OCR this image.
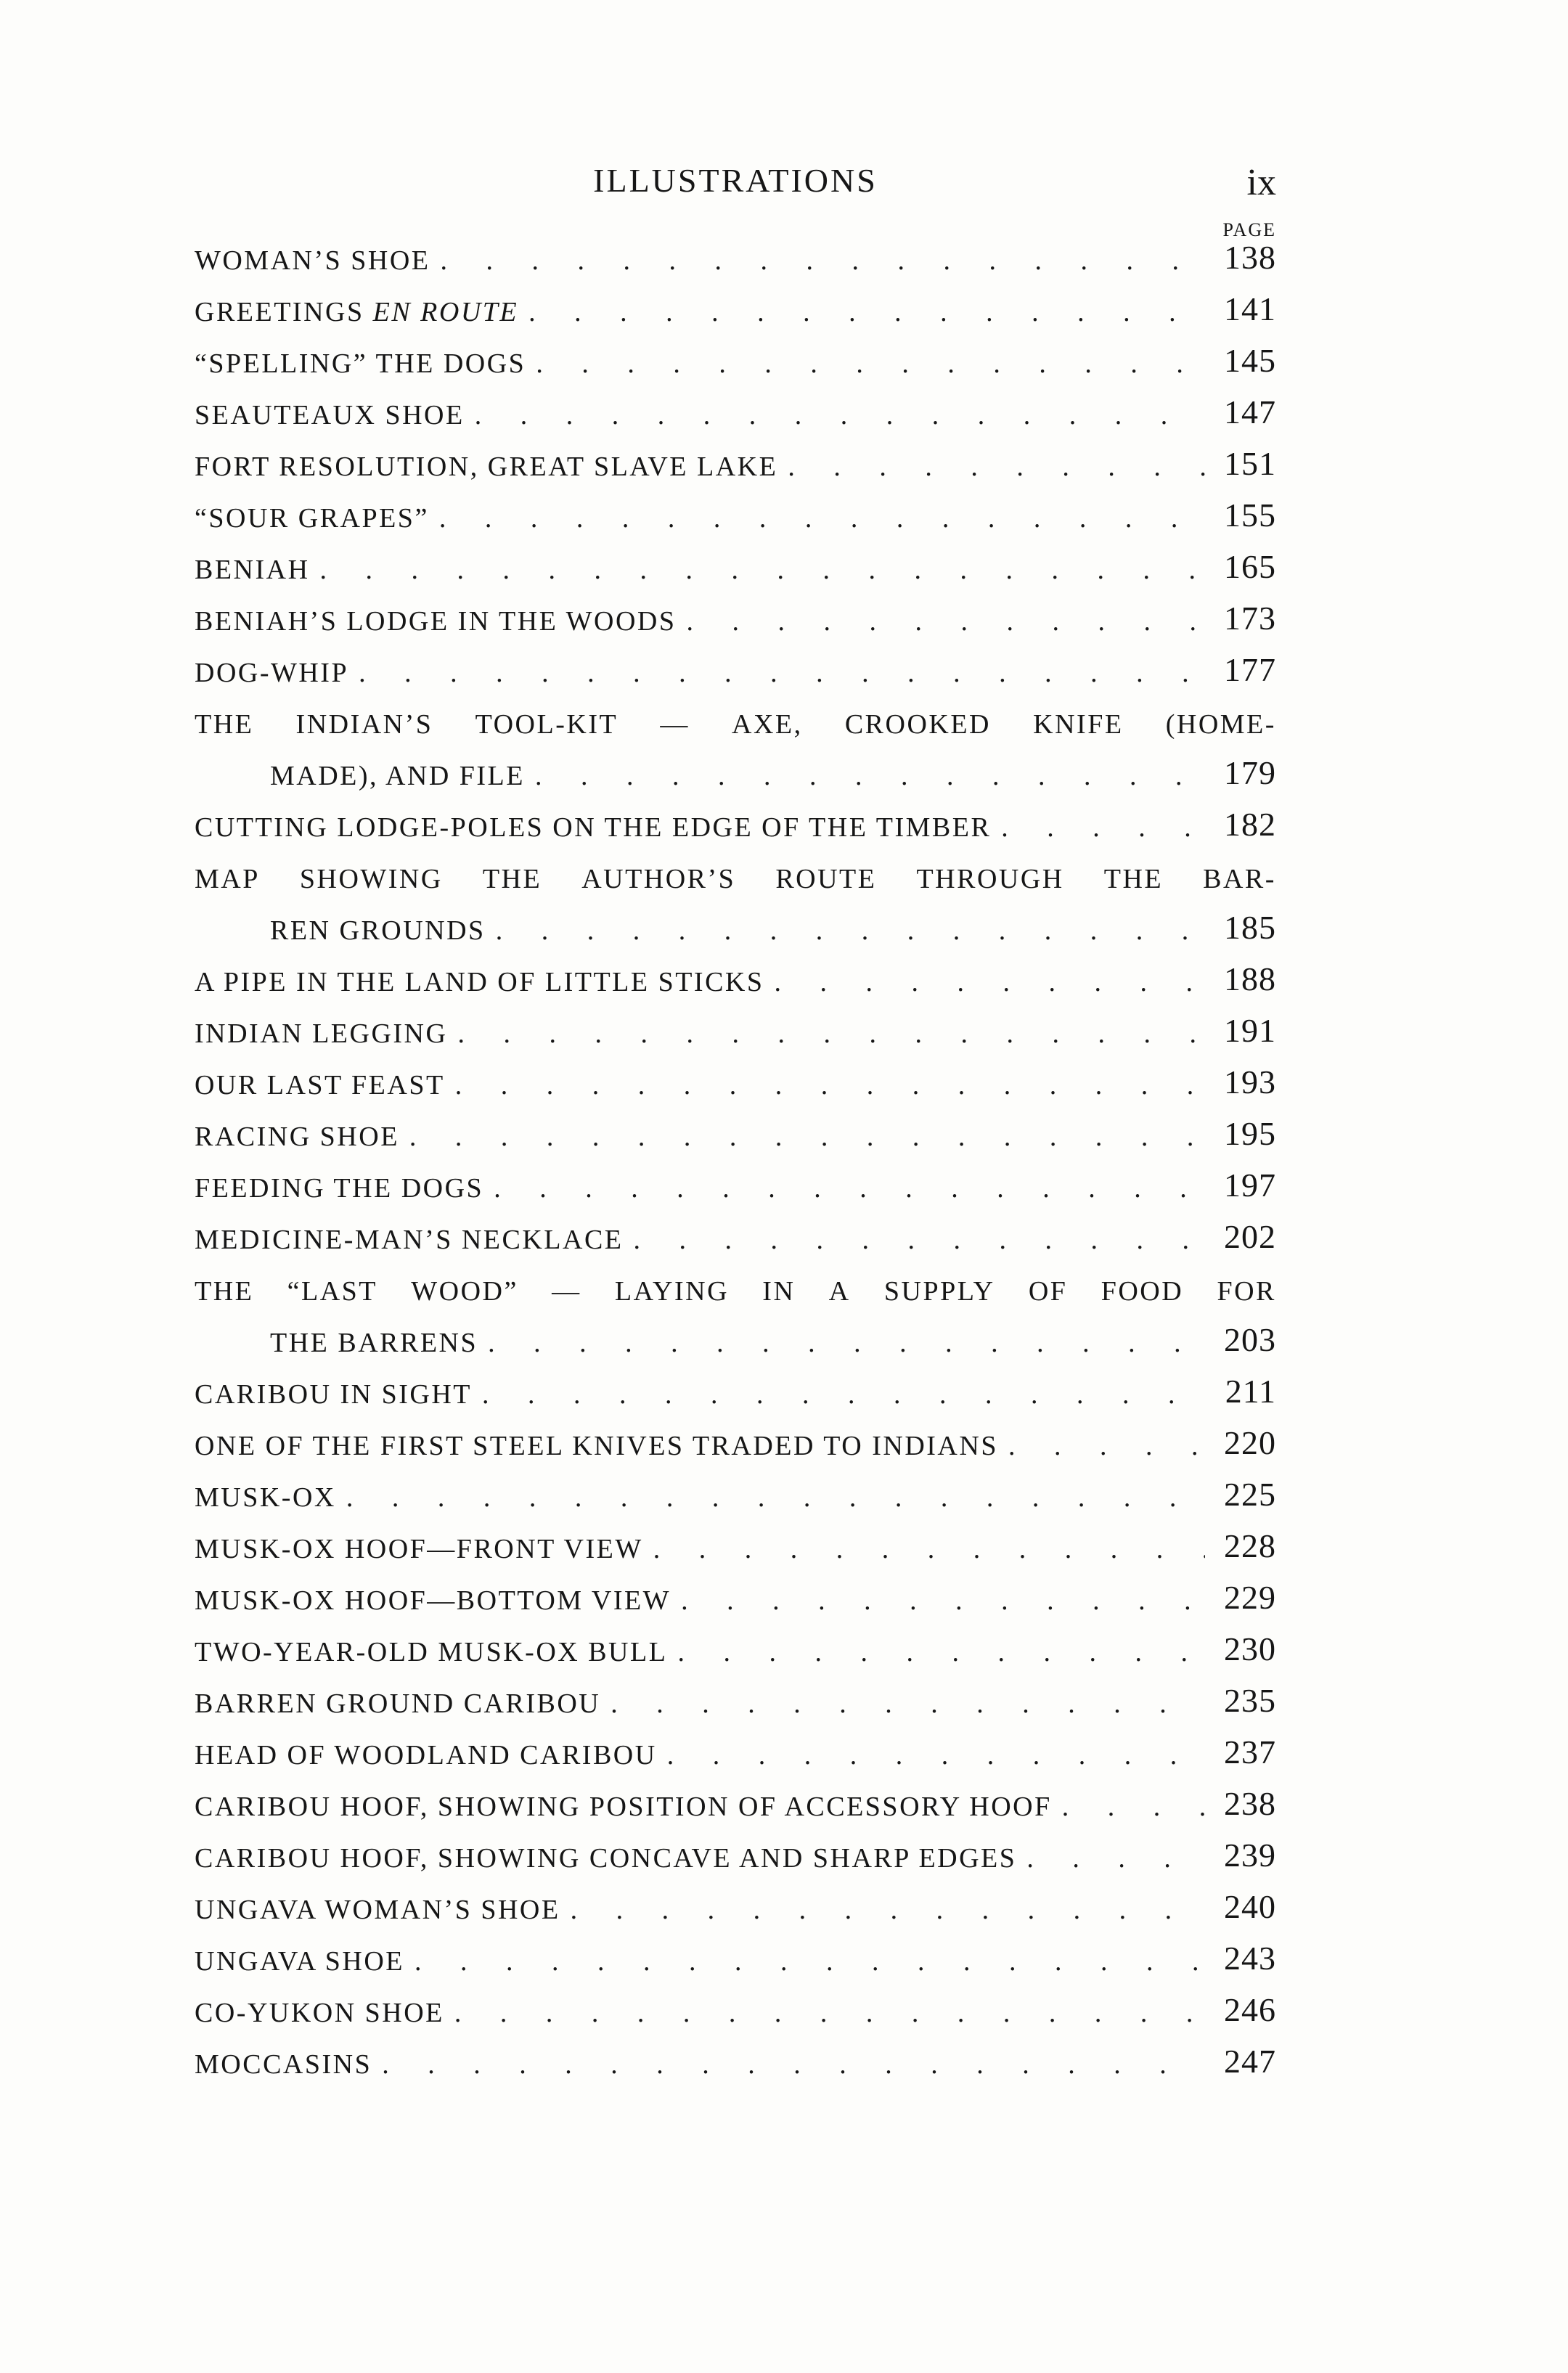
ILLUSTRATIONS	ix
PAGE
WOMAN’S SHOE . . .	138
GREETINGS EN ROUTE . . .	141
“SPELLING” THE DOGS . . .	145
SEAUTEAUX SHOE . . .	147
FORT RESOLUTION, GREAT SLAVE LAKE . . .	151
“SOUR GRAPES” . . .	155
BENIAH . . .	165
BENIAH’S LODGE IN THE WOODS . . .	173
DOG-WHIP . . .	177
THE INDIAN’S TOOL-KIT — AXE, CROOKED KNIFE (HOME-
MADE), AND FILE . . .	179
CUTTING LODGE-POLES ON THE EDGE OF THE TIMBER . . .	182
MAP SHOWING THE AUTHOR’S ROUTE THROUGH THE BAR-
REN GROUNDS . . .	185
A PIPE IN THE LAND OF LITTLE STICKS . . .	188
INDIAN LEGGING . . .	191
OUR LAST FEAST . . .	193
RACING SHOE . . .	195
FEEDING THE DOGS . . .	197
MEDICINE-MAN’S NECKLACE . . .	202
THE “LAST WOOD” — LAYING IN A SUPPLY OF FOOD FOR
THE BARRENS . . .	203
CARIBOU IN SIGHT . . .	211
ONE OF THE FIRST STEEL KNIVES TRADED TO INDIANS . . .	220
MUSK-OX . . .	225
MUSK-OX HOOF—FRONT VIEW . . .	228
MUSK-OX HOOF—BOTTOM VIEW . . .	229
TWO-YEAR-OLD MUSK-OX BULL . . .	230
BARREN GROUND CARIBOU . . .	235
HEAD OF WOODLAND CARIBOU . . .	237
CARIBOU HOOF, SHOWING POSITION OF ACCESSORY HOOF . . .	238
CARIBOU HOOF, SHOWING CONCAVE AND SHARP EDGES . . .	239
UNGAVA WOMAN’S SHOE . . .	240
UNGAVA SHOE . . .	243
CO-YUKON SHOE . . .	246
MOCCASINS . . .	247
